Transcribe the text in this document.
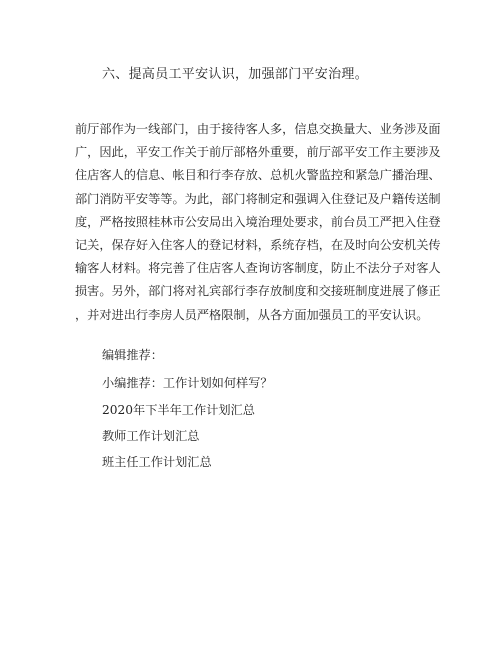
六、提高员工平安认识，加强部门平安治理。
前厅部作为一线部门，由于接待客人多，信息交换量大、业务涉及面
广，因此，平安工作关于前厅部格外重要，前厅部平安工作主要涉及
住店客人的信息、帐目和行李存放、总机火警监控和紧急广播治理、
部门消防平安等等。为此，部门将制定和强调入住登记及户籍传送制
度，严格按照桂林市公安局出入境治理处要求，前台员工严把入住登
记关，保存好入住客人的登记材料，系统存档，在及时向公安机关传
输客人材料。将完善了住店客人查询访客制度，防止不法分子对客人
损害。另外，部门将对礼宾部行李存放制度和交接班制度进展了修正
，并对进出行李房人员严格限制，从各方面加强员工的平安认识。
编辑推荐：
小编推荐：工作计划如何样写？
2020年下半年工作计划汇总
教师工作计划汇总
班主任工作计划汇总
